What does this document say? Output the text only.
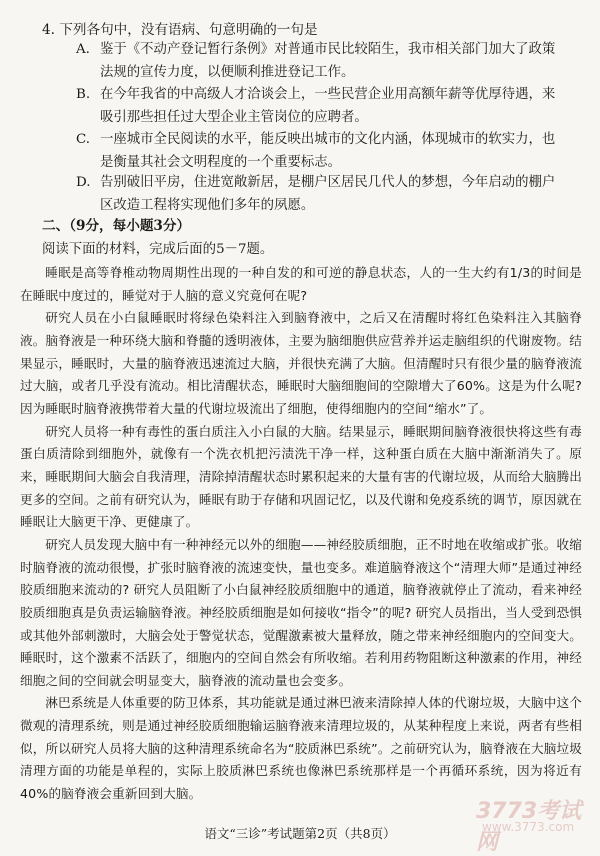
4. 下列各句中，没有语病、句意明确的一句是
A. 鉴于《不动产登记暂行条例》对普通市民比较陌生，我市相关部门加大了政策法规的宣传力度，以便顺利推进登记工作。
B. 在今年我省的中高级人才洽谈会上，一些民营企业用高额年薪等优厚待遇，来吸引那些担任过大型企业主管岗位的应聘者。
C. 一座城市全民阅读的水平，能反映出城市的文化内涵，体现城市的软实力，也是衡量其社会文明程度的一个重要标志。
D. 告别破旧平房，住进宽敞新居，是棚户区居民几代人的梦想，今年启动的棚户区改造工程将实现他们多年的夙愿。
二、（9分，每小题3分）
阅读下面的材料，完成后面的5－7题。

睡眠是高等脊椎动物周期性出现的一种自发的和可逆的静息状态，人的一生大约有1/3的时间是在睡眠中度过的，睡觉对于人脑的意义究竟何在呢?

研究人员在小白鼠睡眠时将绿色染料注入到脑脊液中，之后又在清醒时将红色染料注入其脑脊液。脑脊液是一种环绕大脑和脊髓的透明液体，主要为脑细胞供应营养并运走脑组织的代谢废物。结果显示，睡眠时，大量的脑脊液迅速流过大脑，并很快充满了大脑。但清醒时只有很少量的脑脊液流过大脑，或者几乎没有流动。相比清醒状态，睡眠时大脑细胞间的空隙增大了60%。这是为什么呢? 因为睡眠时脑脊液携带着大量的代谢垃圾流出了细胞，使得细胞内的空间“缩水”了。

研究人员将一种有毒性的蛋白质注入小白鼠的大脑。结果显示，睡眠期间脑脊液很快将这些有毒蛋白质清除到细胞外，就像有一个洗衣机把污渍洗干净一样，这种蛋白质在大脑中渐渐消失了。原来，睡眠期间大脑会自我清理，清除掉清醒状态时累积起来的大量有害的代谢垃圾，从而给大脑腾出更多的空间。之前有研究认为，睡眠有助于存储和巩固记忆，以及代谢和免疫系统的调节，原因就在睡眠让大脑更干净、更健康了。

研究人员发现大脑中有一种神经元以外的细胞——神经胶质细胞，正不时地在收缩或扩张。收缩时脑脊液的流动很慢，扩张时脑脊液的流速变快，量也变多。难道脑脊液这个“清理大师”是通过神经胶质细胞来流动的? 研究人员阻断了小白鼠神经胶质细胞中的通道，脑脊液就停止了流动，看来神经胶质细胞真是负责运输脑脊液。神经胶质细胞是如何接收“指令”的呢? 研究人员指出，当人受到恐惧或其他外部刺激时，大脑会处于警觉状态，觉醒激素被大量释放，随之带来神经细胞内的空间变大。睡眠时，这个激素不活跃了，细胞内的空间自然会有所收缩。若利用药物阻断这种激素的作用，神经细胞之间的空间就会明显变大，脑脊液的流动量也会变多。

淋巴系统是人体重要的防卫体系，其功能就是通过淋巴液来清除掉人体的代谢垃圾，大脑中这个微观的清理系统，则是通过神经胶质细胞输运脑脊液来清理垃圾的，从某种程度上来说，两者有些相似，所以研究人员将大脑的这种清理系统命名为“胶质淋巴系统”。之前研究认为，脑脊液在大脑垃圾清理方面的功能是单程的，实际上胶质淋巴系统也像淋巴系统那样是一个再循环系统，因为将近有40%的脑脊液会重新回到大脑。

语文“三诊”考试题第2页（共8页）
3773考试网
www.3773.com
